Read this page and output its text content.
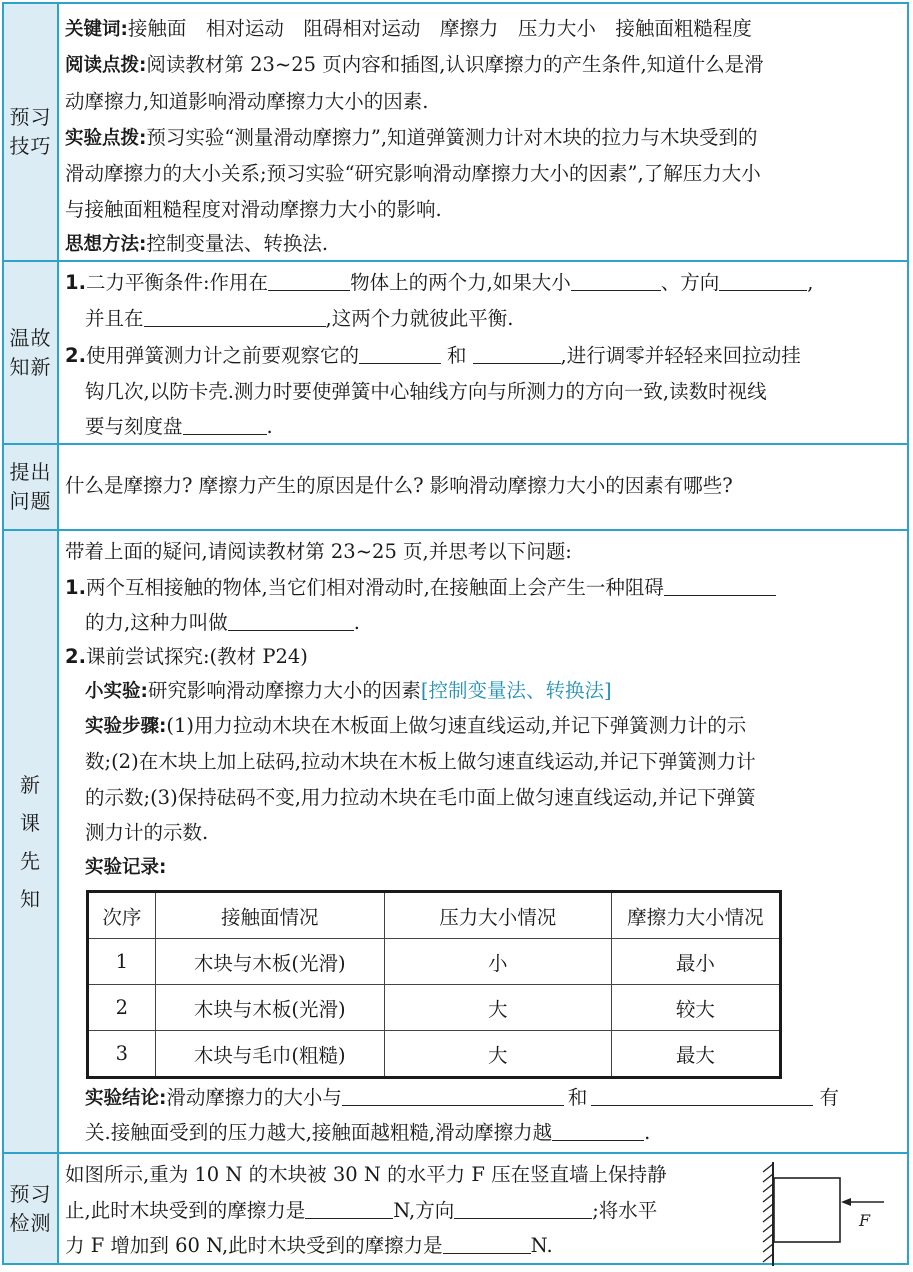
预习
技巧
关键词:接触面　相对运动　阻碍相对运动　摩擦力　压力大小　接触面粗糙程度
阅读点拨:阅读教材第 23~25 页内容和插图,认识摩擦力的产生条件,知道什么是滑
动摩擦力,知道影响滑动摩擦力大小的因素.
实验点拨:预习实验“测量滑动摩擦力”,知道弹簧测力计对木块的拉力与木块受到的
滑动摩擦力的大小关系;预习实验“研究影响滑动摩擦力大小的因素”,了解压力大小
与接触面粗糙程度对滑动摩擦力大小的影响.
思想方法:控制变量法、转换法.
温故
知新
1.二力平衡条件:作用在	物体上的两个力,如果大小	、方向	,
并且在	,这两个力就彼此平衡.
2.使用弹簧测力计之前要观察它的	和	,进行调零并轻轻来回拉动挂
钩几次,以防卡壳.测力时要使弹簧中心轴线方向与所测力的方向一致,读数时视线
要与刻度盘	.
提出
问题
什么是摩擦力? 摩擦力产生的原因是什么? 影响滑动摩擦力大小的因素有哪些?
新
课
先
知
带着上面的疑问,请阅读教材第 23~25 页,并思考以下问题:
1.两个互相接触的物体,当它们相对滑动时,在接触面上会产生一种阻碍
的力,这种力叫做	.
2.课前尝试探究:(教材 P24)
小实验:研究影响滑动摩擦力大小的因素[控制变量法、转换法]
实验步骤:(1)用力拉动木块在木板面上做匀速直线运动,并记下弹簧测力计的示
数;(2)在木块上加上砝码,拉动木块在木板上做匀速直线运动,并记下弹簧测力计
的示数;(3)保持砝码不变,用力拉动木块在毛巾面上做匀速直线运动,并记下弹簧
测力计的示数.
实验记录:
次序	接触面情况	压力大小情况	摩擦力大小情况
1	木块与木板(光滑)	小	最小
2	木块与木板(光滑)	大	较大
3	木块与毛巾(粗糙)	大	最大
实验结论:滑动摩擦力的大小与	和	有
关.接触面受到的压力越大,接触面越粗糙,滑动摩擦力越	.
预习
检测
如图所示,重为 10 N 的木块被 30 N 的水平力 F 压在竖直墙上保持静
止,此时木块受到的摩擦力是	N,方向	;将水平
力 F 增加到 60 N,此时木块受到的摩擦力是	N.
F
